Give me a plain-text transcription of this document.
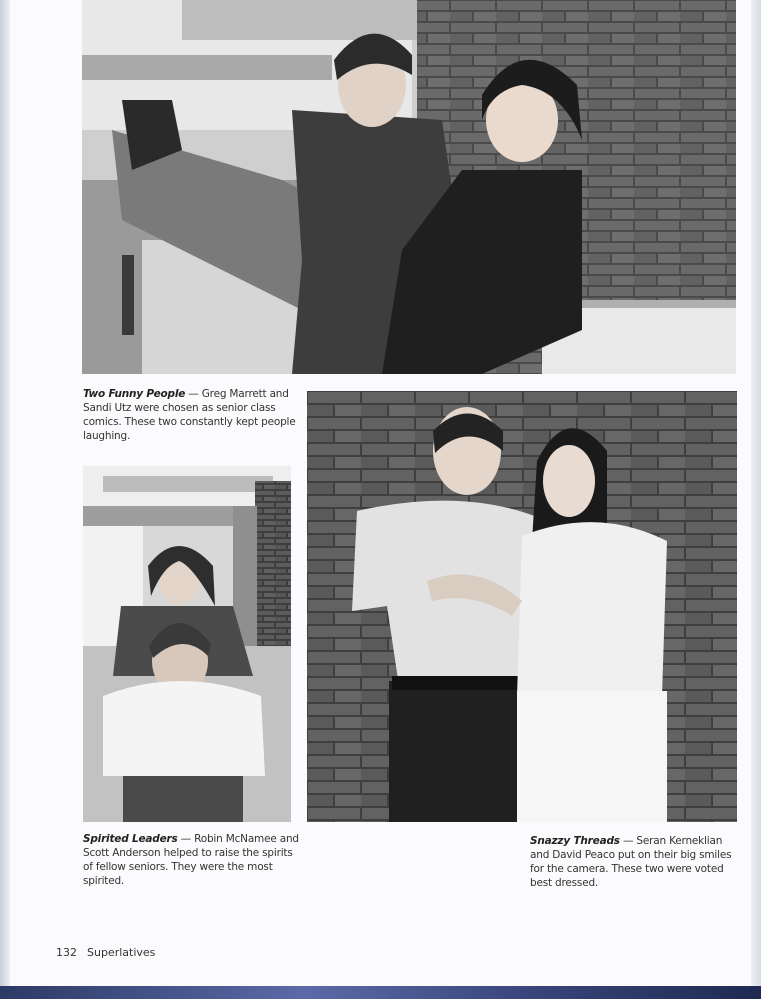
Two Funny People — Greg Marrett and Sandi Utz were chosen as senior class comics. These two constantly kept people laughing.
Spirited Leaders — Robin McNamee and Scott Anderson helped to raise the spirits of fellow seniors. They were the most spirited.
Snazzy Threads — Seran Kerneklian and David Peaco put on their big smiles for the camera. These two were voted best dressed.
132 Superlatives
